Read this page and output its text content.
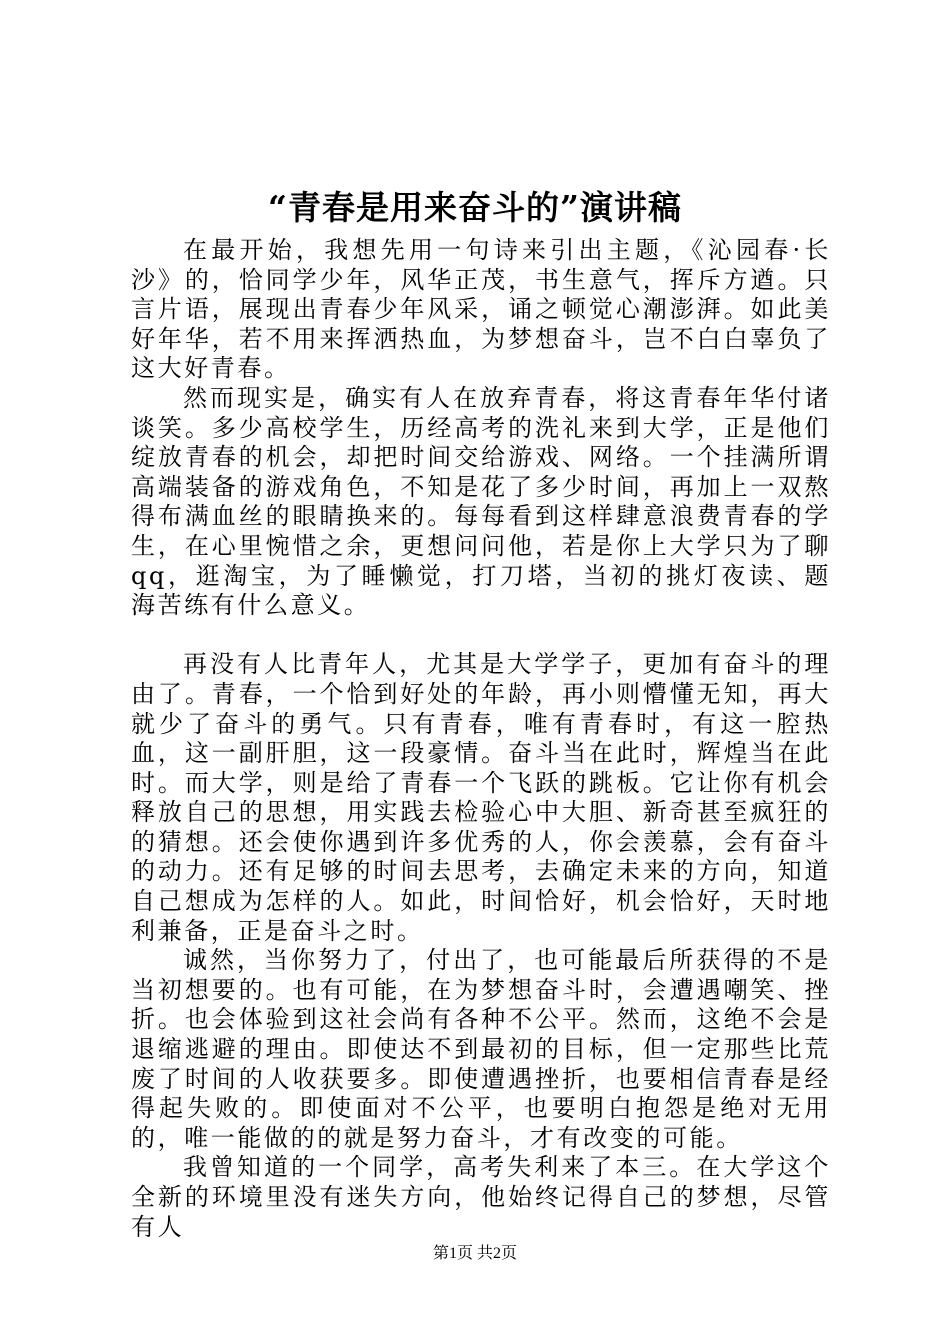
“青春是用来奋斗的”演讲稿

在最开始，我想先用一句诗来引出主题，《沁园春·长沙》的，恰同学少年，风华正茂，书生意气，挥斥方遒。只言片语，展现出青春少年风采，诵之顿觉心潮澎湃。如此美好年华，若不用来挥洒热血，为梦想奋斗，岂不白白辜负了这大好青春。

然而现实是，确实有人在放弃青春，将这青春年华付诸谈笑。多少高校学生，历经高考的洗礼来到大学，正是他们绽放青春的机会，却把时间交给游戏、网络。一个挂满所谓高端装备的游戏角色，不知是花了多少时间，再加上一双熬得布满血丝的眼睛换来的。每每看到这样肆意浪费青春的学生，在心里惋惜之余，更想问问他，若是你上大学只为了聊qq，逛淘宝，为了睡懒觉，打刀塔，当初的挑灯夜读、题海苦练有什么意义。

再没有人比青年人，尤其是大学学子，更加有奋斗的理由了。青春，一个恰到好处的年龄，再小则懵懂无知，再大就少了奋斗的勇气。只有青春，唯有青春时，有这一腔热血，这一副肝胆，这一段豪情。奋斗当在此时，辉煌当在此时。而大学，则是给了青春一个飞跃的跳板。它让你有机会释放自己的思想，用实践去检验心中大胆、新奇甚至疯狂的的猜想。还会使你遇到许多优秀的人，你会羡慕，会有奋斗的动力。还有足够的时间去思考，去确定未来的方向，知道自己想成为怎样的人。如此，时间恰好，机会恰好，天时地利兼备，正是奋斗之时。

诚然，当你努力了，付出了，也可能最后所获得的不是当初想要的。也有可能，在为梦想奋斗时，会遭遇嘲笑、挫折。也会体验到这社会尚有各种不公平。然而，这绝不会是退缩逃避的理由。即使达不到最初的目标，但一定那些比荒废了时间的人收获要多。即使遭遇挫折，也要相信青春是经得起失败的。即使面对不公平，也要明白抱怨是绝对无用的，唯一能做的的就是努力奋斗，才有改变的可能。

我曾知道的一个同学，高考失利来了本三。在大学这个全新的环境里没有迷失方向，他始终记得自己的梦想，尽管有人

第1页 共2页
